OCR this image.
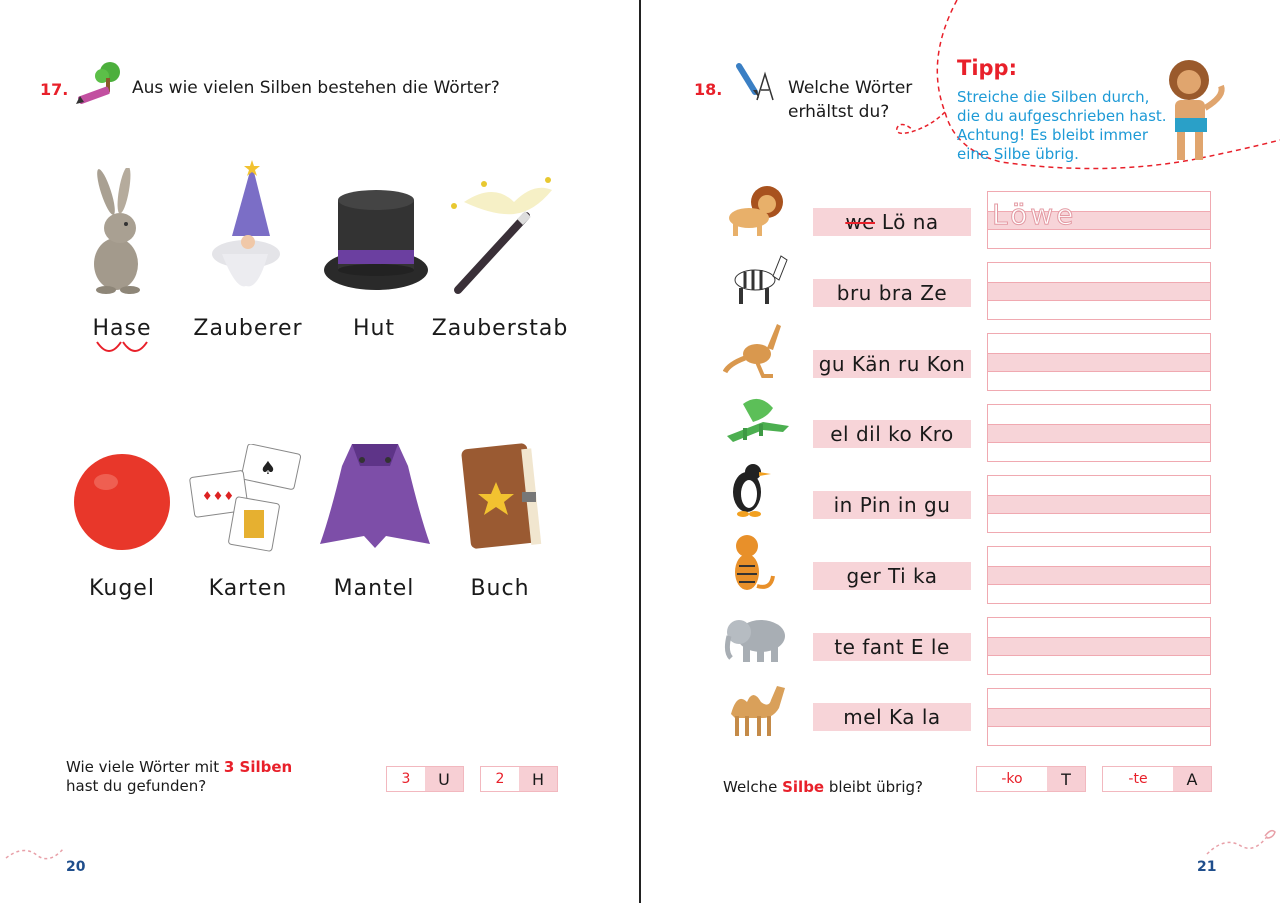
17.	Aus wie vielen Silben bestehen die Wörter?
Hase	Zauberer	Hut	Zauberstab
♠
♦♦♦
Kugel	Karten	Mantel	Buch
Wie viele Wörter mit 3 Silben
hast du gefunden?	3	U	2	H
20
18.	Welche Wörter
erhältst du?
Tipp:
Streiche die Silben durch,
die du aufgeschrieben hast.
Achtung! Es bleibt immer
eine Silbe übrig.
we Lö na	Löwe
bru bra Ze
gu Kän ru Kon
el dil ko Kro
in Pin in gu
ger Ti ka
te fant E le
mel Ka la
Welche Silbe bleibt übrig?	-ko	T	-te	A
21
